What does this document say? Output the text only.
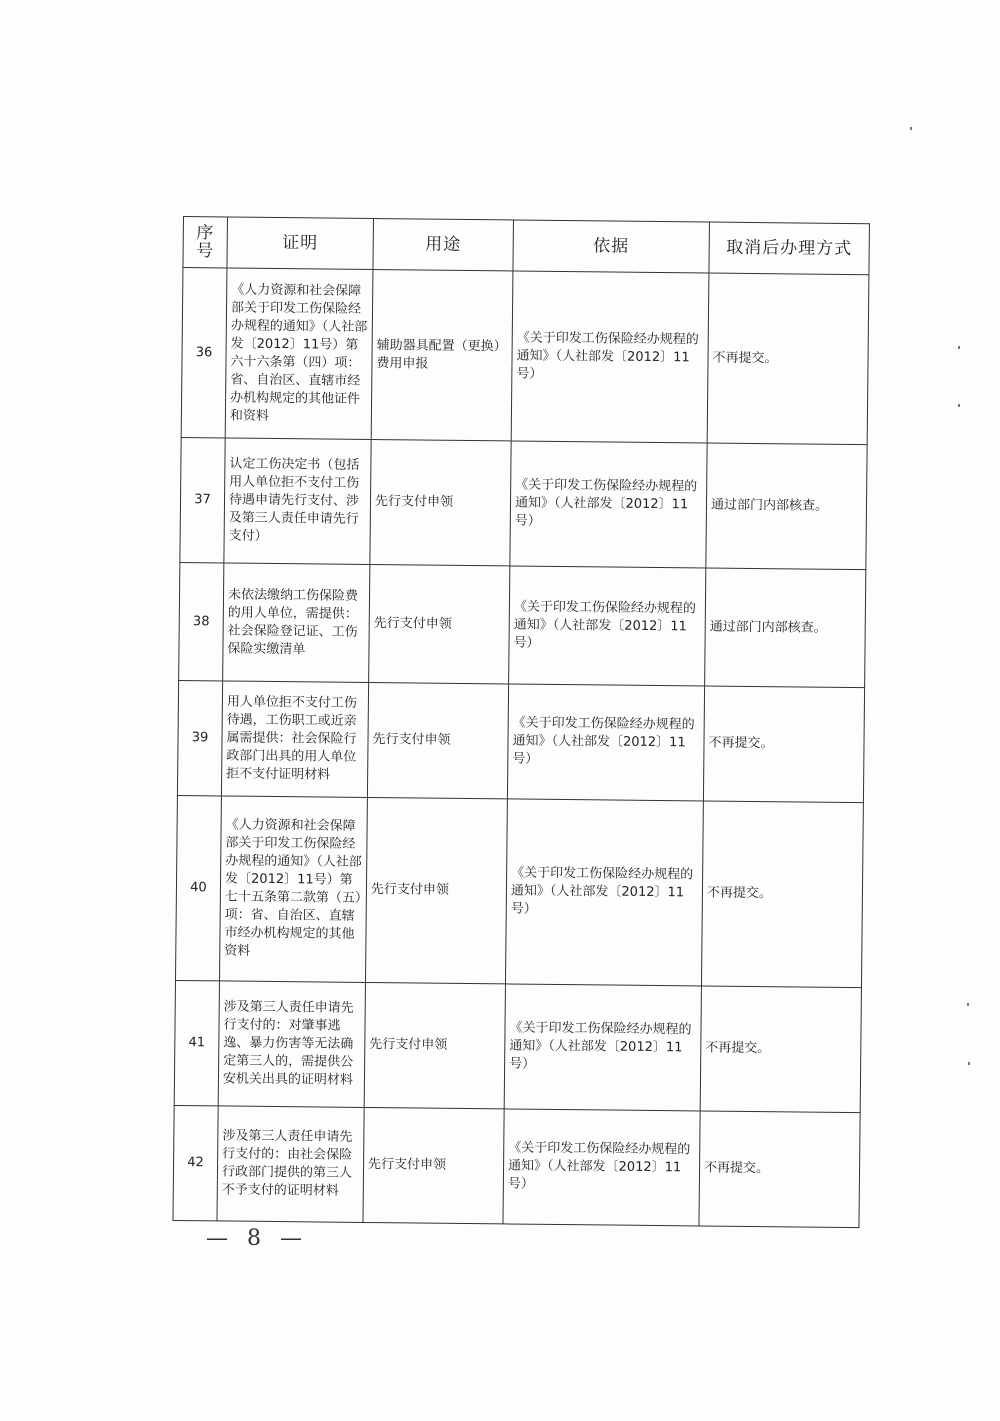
序号	证明	用途	依据	取消后办理方式
36	《人力资源和社会保障部关于印发工伤保险经办规程的通知》（人社部发〔2012〕11号）第六十六条第（四）项：省、自治区、直辖市经办机构规定的其他证件和资料	辅助器具配置（更换）费用申报	《关于印发工伤保险经办规程的通知》（人社部发〔2012〕11号）	不再提交。
37	认定工伤决定书（包括用人单位拒不支付工伤待遇申请先行支付、涉及第三人责任申请先行支付）	先行支付申领	《关于印发工伤保险经办规程的通知》（人社部发〔2012〕11号）	通过部门内部核查。
38	未依法缴纳工伤保险费的用人单位，需提供：社会保险登记证、工伤保险实缴清单	先行支付申领	《关于印发工伤保险经办规程的通知》（人社部发〔2012〕11号）	通过部门内部核查。
39	用人单位拒不支付工伤待遇，工伤职工或近亲属需提供：社会保险行政部门出具的用人单位拒不支付证明材料	先行支付申领	《关于印发工伤保险经办规程的通知》（人社部发〔2012〕11号）	不再提交。
40	《人力资源和社会保障部关于印发工伤保险经办规程的通知》（人社部发〔2012〕11号）第七十五条第二款第（五）项：省、自治区、直辖市经办机构规定的其他资料	先行支付申领	《关于印发工伤保险经办规程的通知》（人社部发〔2012〕11号）	不再提交。
41	涉及第三人责任申请先行支付的：对肇事逃逸、暴力伤害等无法确定第三人的，需提供公安机关出具的证明材料	先行支付申领	《关于印发工伤保险经办规程的通知》（人社部发〔2012〕11号）	不再提交。
42	涉及第三人责任申请先行支付的：由社会保险行政部门提供的第三人不予支付的证明材料	先行支付申领	《关于印发工伤保险经办规程的通知》（人社部发〔2012〕11号）	不再提交。
— 8 —
